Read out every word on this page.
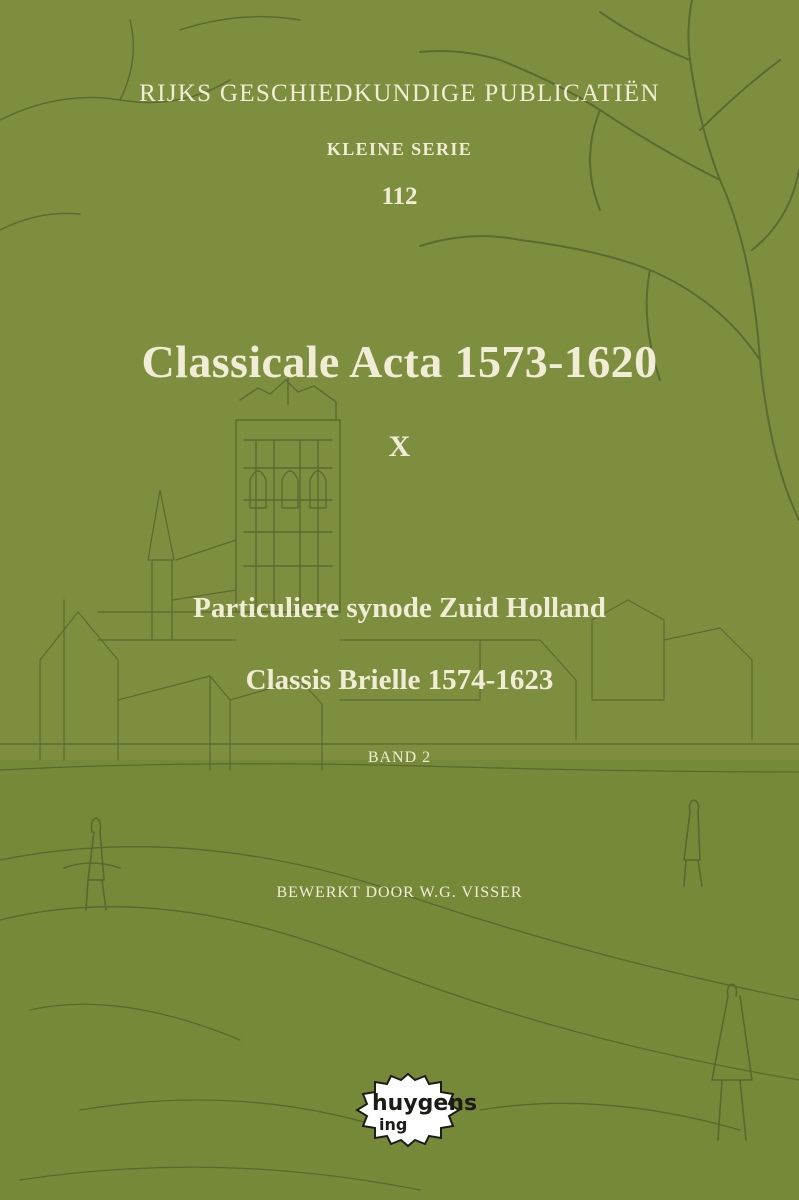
RIJKS GESCHIEDKUNDIGE PUBLICATIËN
KLEINE SERIE
112
Classicale Acta 1573-1620
X
Particuliere synode Zuid Holland
Classis Brielle 1574-1623
BAND 2
BEWERKT DOOR W.G. VISSER
huygens
ing
